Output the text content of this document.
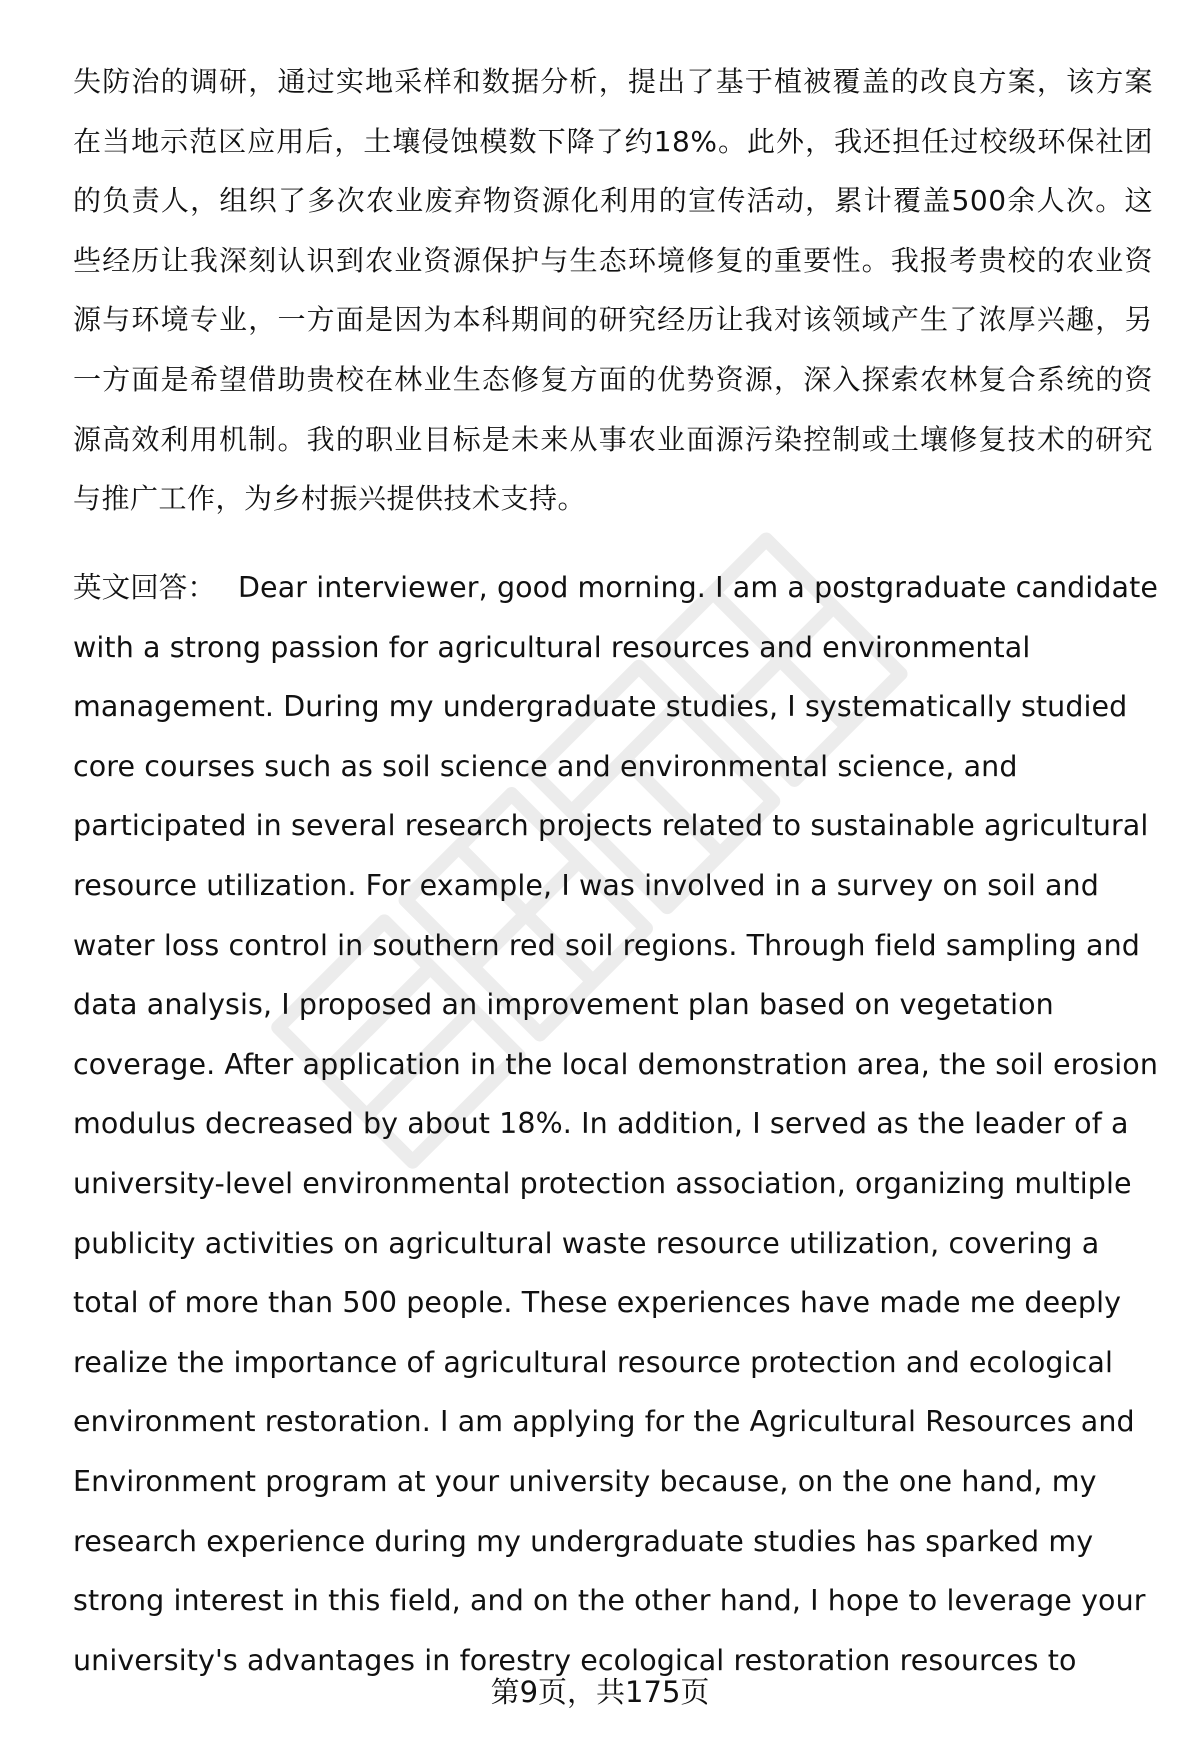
失防治的调研，通过实地采样和数据分析，提出了基于植被覆盖的改良方案，该方案在当地示范区应用后，土壤侵蚀模数下降了约18%。此外，我还担任过校级环保社团的负责人，组织了多次农业废弃物资源化利用的宣传活动，累计覆盖500余人次。这些经历让我深刻认识到农业资源保护与生态环境修复的重要性。我报考贵校的农业资源与环境专业，一方面是因为本科期间的研究经历让我对该领域产生了浓厚兴趣，另一方面是希望借助贵校在林业生态修复方面的优势资源，深入探索农林复合系统的资源高效利用机制。我的职业目标是未来从事农业面源污染控制或土壤修复技术的研究与推广工作，为乡村振兴提供技术支持。

英文回答： Dear interviewer, good morning. I am a postgraduate candidate with a strong passion for agricultural resources and environmental management. During my undergraduate studies, I systematically studied core courses such as soil science and environmental science, and participated in several research projects related to sustainable agricultural resource utilization. For example, I was involved in a survey on soil and water loss control in southern red soil regions. Through field sampling and data analysis, I proposed an improvement plan based on vegetation coverage. After application in the local demonstration area, the soil erosion modulus decreased by about 18%. In addition, I served as the leader of a university-level environmental protection association, organizing multiple publicity activities on agricultural waste resource utilization, covering a total of more than 500 people. These experiences have made me deeply realize the importance of agricultural resource protection and ecological environment restoration. I am applying for the Agricultural Resources and Environment program at your university because, on the one hand, my research experience during my undergraduate studies has sparked my strong interest in this field, and on the other hand, I hope to leverage your university's advantages in forestry ecological restoration resources to

第9页，共175页
